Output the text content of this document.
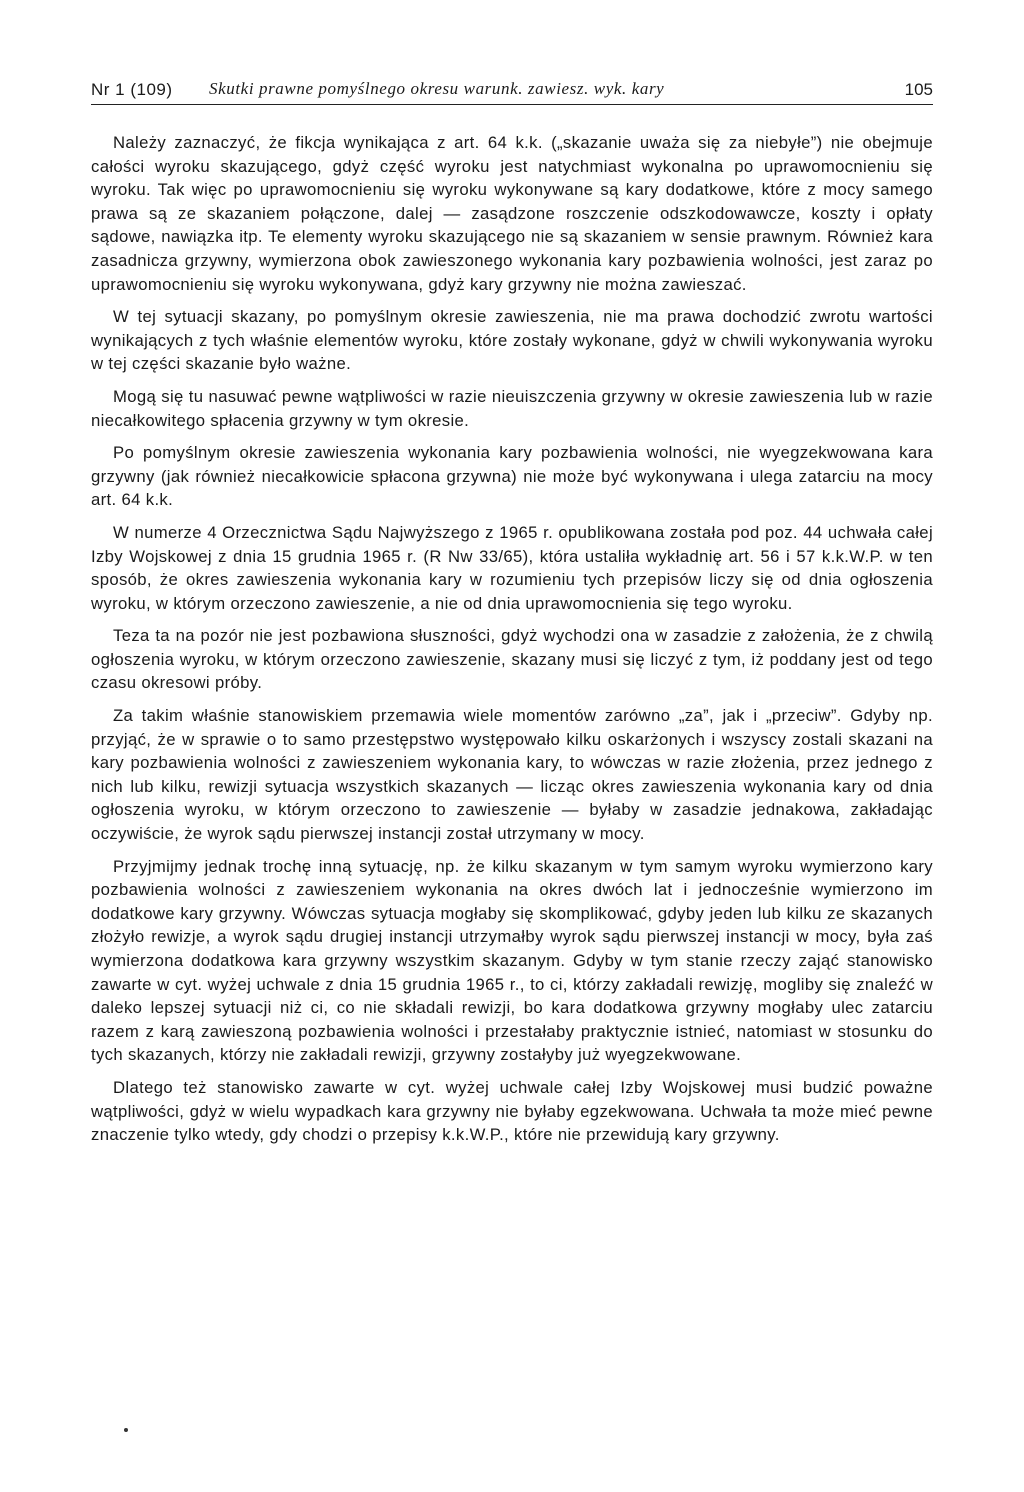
Nr 1 (109) Skutki prawne pomyślnego okresu warunk. zawiesz. wyk. kary	105

Należy zaznaczyć, że fikcja wynikająca z art. 64 k.k. („skazanie uważa się za niebyłe”) nie obejmuje całości wyroku skazującego, gdyż część wyroku jest natychmiast wykonalna po uprawomocnieniu się wyroku. Tak więc po uprawomocnieniu się wyroku wykonywane są kary dodatkowe, które z mocy samego prawa są ze skazaniem połączone, dalej — zasądzone roszczenie odszkodowawcze, koszty i opłaty sądowe, nawiązka itp. Te elementy wyroku skazującego nie są skazaniem w sensie prawnym. Również kara zasadnicza grzywny, wymierzona obok zawieszonego wykonania kary pozbawienia wolności, jest zaraz po uprawomocnieniu się wyroku wykonywana, gdyż kary grzywny nie można zawieszać.

W tej sytuacji skazany, po pomyślnym okresie zawieszenia, nie ma prawa dochodzić zwrotu wartości wynikających z tych właśnie elementów wyroku, które zostały wykonane, gdyż w chwili wykonywania wyroku w tej części skazanie było ważne.

Mogą się tu nasuwać pewne wątpliwości w razie nieuiszczenia grzywny w okresie zawieszenia lub w razie niecałkowitego spłacenia grzywny w tym okresie.

Po pomyślnym okresie zawieszenia wykonania kary pozbawienia wolności, nie wyegzekwowana kara grzywny (jak również niecałkowicie spłacona grzywna) nie może być wykonywana i ulega zatarciu na mocy art. 64 k.k.

W numerze 4 Orzecznictwa Sądu Najwyższego z 1965 r. opublikowana została pod poz. 44 uchwała całej Izby Wojskowej z dnia 15 grudnia 1965 r. (R Nw 33/65), która ustaliła wykładnię art. 56 i 57 k.k.W.P. w ten sposób, że okres zawieszenia wykonania kary w rozumieniu tych przepisów liczy się od dnia ogłoszenia wyroku, w którym orzeczono zawieszenie, a nie od dnia uprawomocnienia się tego wyroku.

Teza ta na pozór nie jest pozbawiona słuszności, gdyż wychodzi ona w zasadzie z założenia, że z chwilą ogłoszenia wyroku, w którym orzeczono zawieszenie, skazany musi się liczyć z tym, iż poddany jest od tego czasu okresowi próby.

Za takim właśnie stanowiskiem przemawia wiele momentów zarówno „za”, jak i „przeciw”. Gdyby np. przyjąć, że w sprawie o to samo przestępstwo występowało kilku oskarżonych i wszyscy zostali skazani na kary pozbawienia wolności z zawieszeniem wykonania kary, to wówczas w razie złożenia, przez jednego z nich lub kilku, rewizji sytuacja wszystkich skazanych — licząc okres zawieszenia wykonania kary od dnia ogłoszenia wyroku, w którym orzeczono to zawieszenie — byłaby w zasadzie jednakowa, zakładając oczywiście, że wyrok sądu pierwszej instancji został utrzymany w mocy.

Przyjmijmy jednak trochę inną sytuację, np. że kilku skazanym w tym samym wyroku wymierzono kary pozbawienia wolności z zawieszeniem wykonania na okres dwóch lat i jednocześnie wymierzono im dodatkowe kary grzywny. Wówczas sytuacja mogłaby się skomplikować, gdyby jeden lub kilku ze skazanych złożyło rewizje, a wyrok sądu drugiej instancji utrzymałby wyrok sądu pierwszej instancji w mocy, była zaś wymierzona dodatkowa kara grzywny wszystkim skazanym. Gdyby w tym stanie rzeczy zająć stanowisko zawarte w cyt. wyżej uchwale z dnia 15 grudnia 1965 r., to ci, którzy zakładali rewizję, mogliby się znaleźć w daleko lepszej sytuacji niż ci, co nie składali rewizji, bo kara dodatkowa grzywny mogłaby ulec zatarciu razem z karą zawieszoną pozbawienia wolności i przestałaby praktycznie istnieć, natomiast w stosunku do tych skazanych, którzy nie zakładali rewizji, grzywny zostałyby już wyegzekwowane.

Dlatego też stanowisko zawarte w cyt. wyżej uchwale całej Izby Wojskowej musi budzić poważne wątpliwości, gdyż w wielu wypadkach kara grzywny nie byłaby egzekwowana. Uchwała ta może mieć pewne znaczenie tylko wtedy, gdy chodzi o przepisy k.k.W.P., które nie przewidują kary grzywny.
